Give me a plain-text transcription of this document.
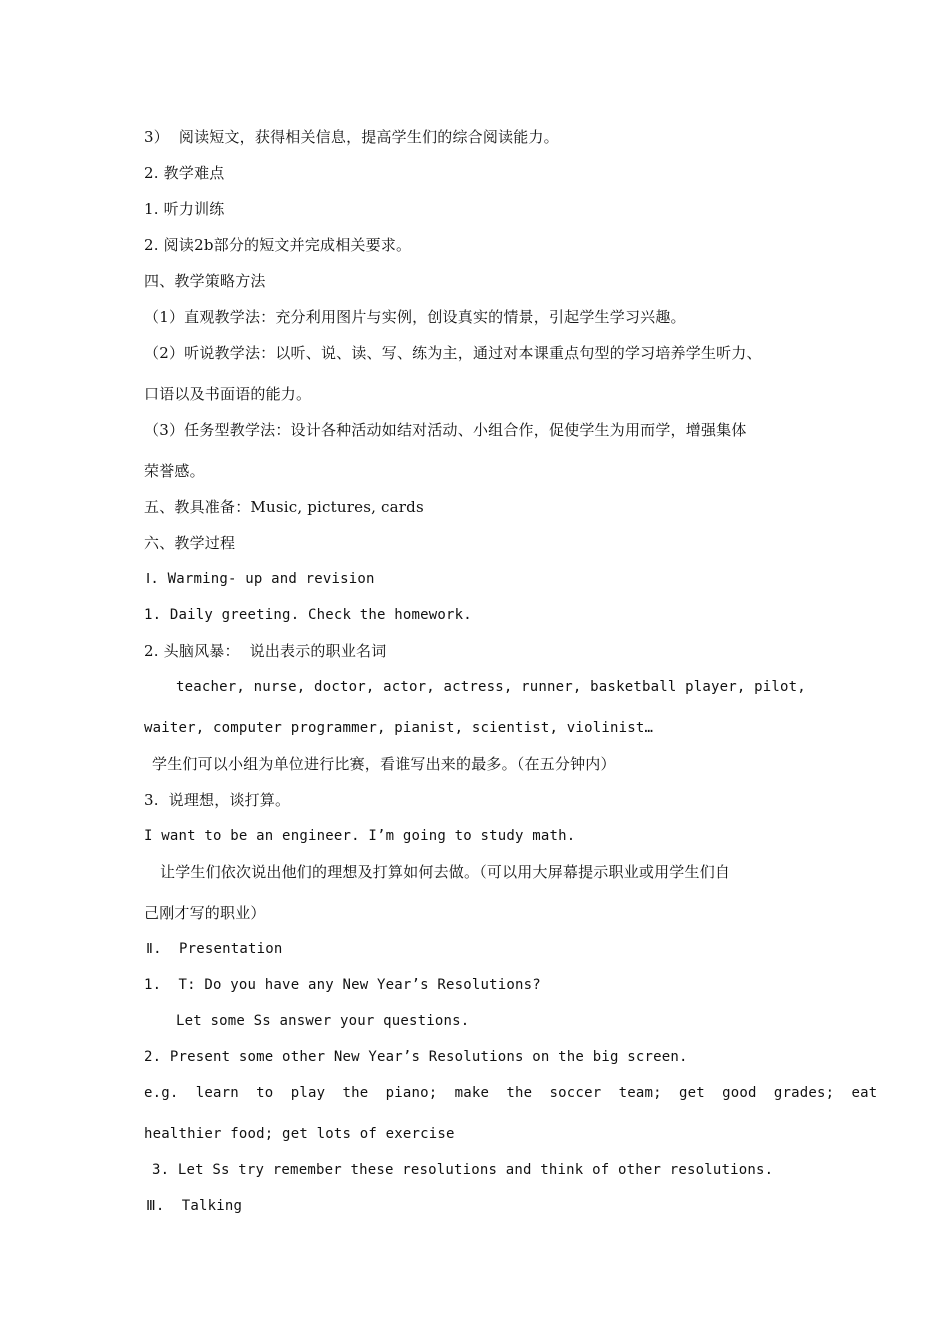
3）  阅读短文，获得相关信息，提高学生们的综合阅读能力。
2. 教学难点
1. 听力训练
2. 阅读2b部分的短文并完成相关要求。
四、教学策略方法
（1）直观教学法：充分利用图片与实例，创设真实的情景，引起学生学习兴趣。
（2）听说教学法：以听、说、读、写、练为主，通过对本课重点句型的学习培养学生听力、
口语以及书面语的能力。
（3）任务型教学法：设计各种活动如结对活动、小组合作，促使学生为用而学，增强集体
荣誉感。
五、教具准备：Music, pictures, cards
六、教学过程
Ⅰ. Warming- up and revision
1. Daily greeting. Check the homework.
2. 头脑风暴：  说出表示的职业名词
teacher, nurse, doctor, actor, actress, runner, basketball player, pilot,
waiter, computer programmer, pianist, scientist, violinist…
学生们可以小组为单位进行比赛，看谁写出来的最多。（在五分钟内）
3.  说理想，谈打算。
I want to be an engineer. I’m going to study math.
让学生们依次说出他们的理想及打算如何去做。（可以用大屏幕提示职业或用学生们自
己刚才写的职业）
Ⅱ.  Presentation
1.  T: Do you have any New Year’s Resolutions?
Let some Ss answer your questions.
2. Present some other New Year’s Resolutions on the big screen.
e.g.  learn  to  play  the  piano;  make  the  soccer  team;  get  good  grades;  eat
healthier food; get lots of exercise
3. Let Ss try remember these resolutions and think of other resolutions.
Ⅲ.  Talking
